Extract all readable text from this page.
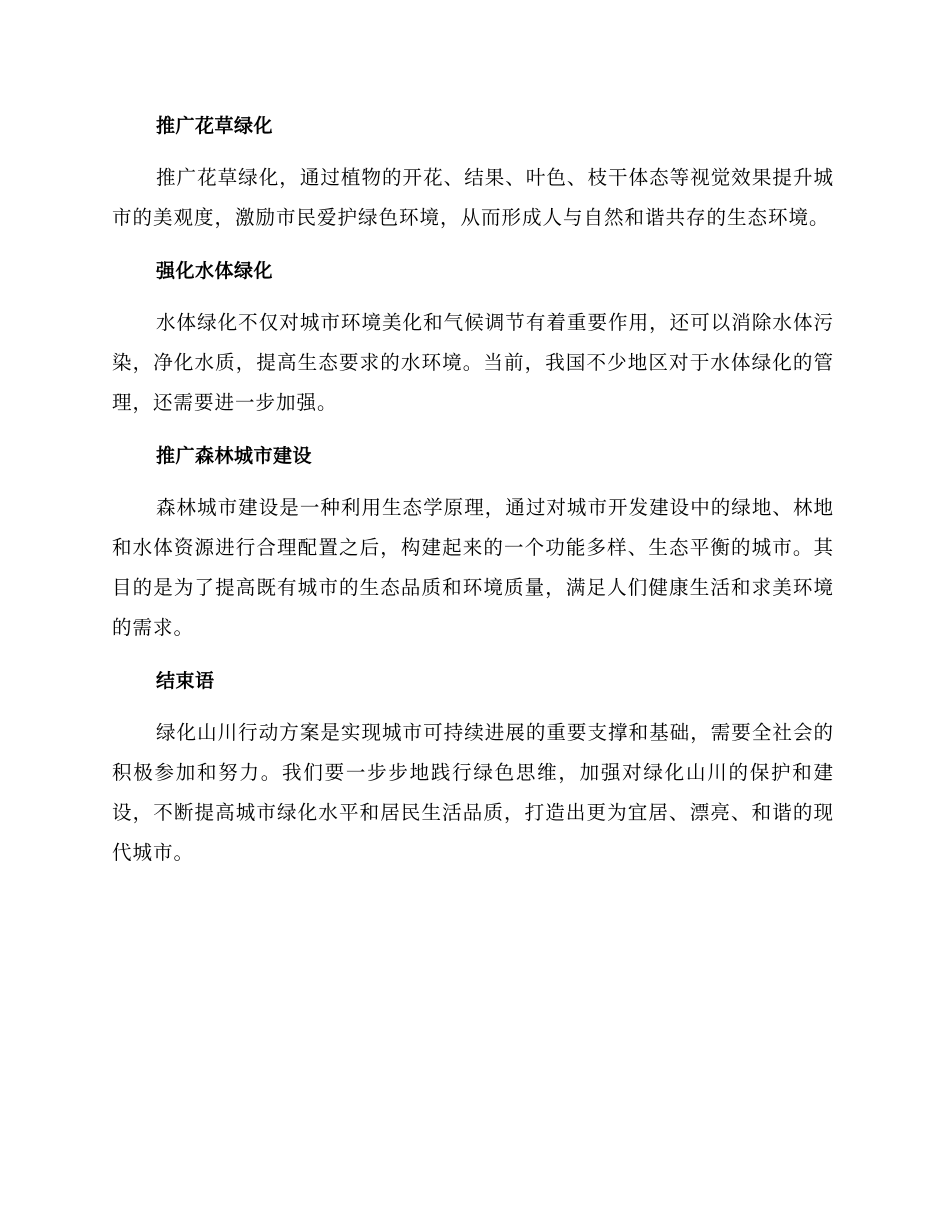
推广花草绿化

推广花草绿化，通过植物的开花、结果、叶色、枝干体态等视觉效果提升城市的美观度，激励市民爱护绿色环境，从而形成人与自然和谐共存的生态环境。

强化水体绿化

水体绿化不仅对城市环境美化和气候调节有着重要作用，还可以消除水体污染，净化水质，提高生态要求的水环境。当前，我国不少地区对于水体绿化的管理，还需要进一步加强。

推广森林城市建设

森林城市建设是一种利用生态学原理，通过对城市开发建设中的绿地、林地和水体资源进行合理配置之后，构建起来的一个功能多样、生态平衡的城市。其目的是为了提高既有城市的生态品质和环境质量，满足人们健康生活和求美环境的需求。

结束语

绿化山川行动方案是实现城市可持续进展的重要支撑和基础，需要全社会的积极参加和努力。我们要一步步地践行绿色思维，加强对绿化山川的保护和建设，不断提高城市绿化水平和居民生活品质，打造出更为宜居、漂亮、和谐的现代城市。
